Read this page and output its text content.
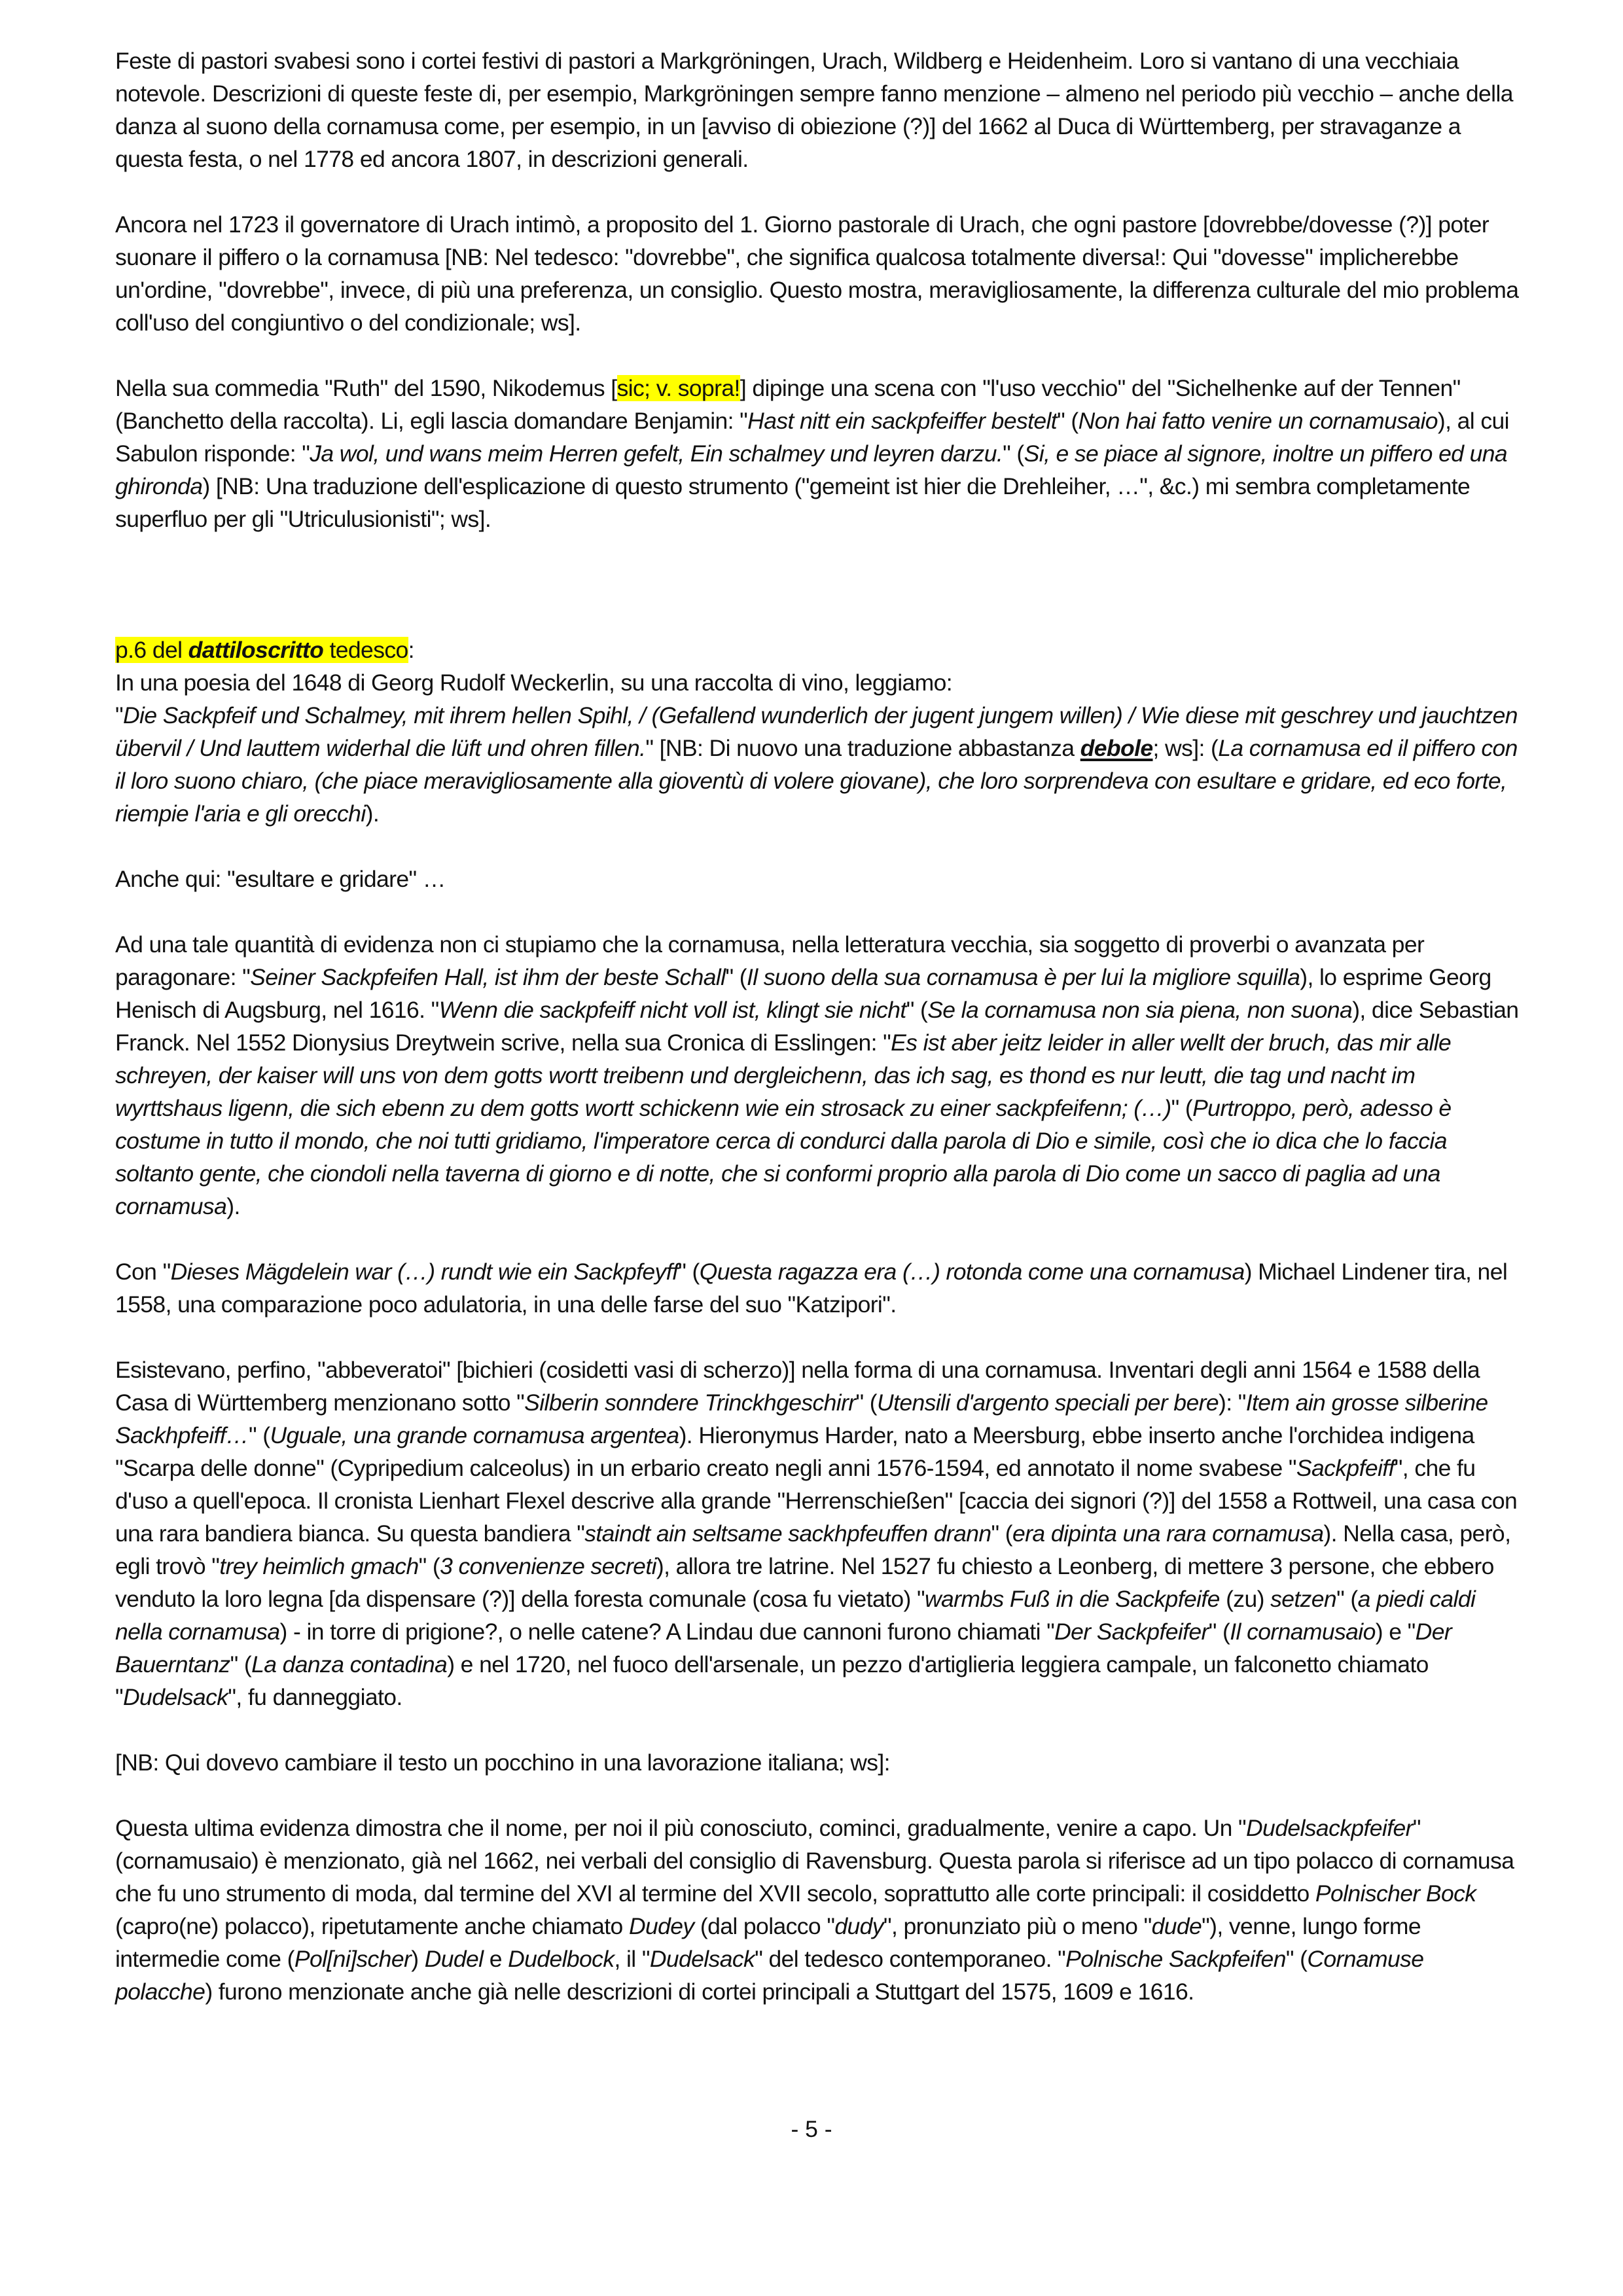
Feste di pastori svabesi sono i cortei festivi di pastori a Markgröningen, Urach, Wildberg e Heidenheim. Loro si vantano di una vecchiaia notevole. Descrizioni di queste feste di, per esempio, Markgröningen sempre fanno menzione – almeno nel periodo più vecchio – anche della danza al suono della cornamusa come, per esempio, in un [avviso di obiezione (?)] del 1662 al Duca di Württemberg, per stravaganze a questa festa, o nel 1778 ed ancora 1807, in descrizioni generali.

Ancora nel 1723 il governatore di Urach intimò, a proposito del 1. Giorno pastorale di Urach, che ogni pastore [dovrebbe/dovesse (?)] poter suonare il piffero o la cornamusa [NB: Nel tedesco: "dovrebbe", che significa qualcosa totalmente diversa!: Qui "dovesse" implicherebbe un'ordine, "dovrebbe", invece, di più una preferenza, un consiglio. Questo mostra, meravigliosamente, la differenza culturale del mio problema coll'uso del congiuntivo o del condizionale; ws].

Nella sua commedia "Ruth" del 1590, Nikodemus [sic; v. sopra!] dipinge una scena con "l'uso vecchio" del "Sichelhenke auf der Tennen" (Banchetto della raccolta). Li, egli lascia domandare Benjamin: "Hast nitt ein sackpfeiffer bestelt" (Non hai fatto venire un cornamusaio), al cui Sabulon risponde: "Ja wol, und wans meim Herren gefelt, Ein schalmey und leyren darzu." (Si, e se piace al signore, inoltre un piffero ed una ghironda) [NB: Una traduzione dell'esplicazione di questo strumento ("gemeint ist hier die Drehleiher, …", &c.) mi sembra completamente superfluo per gli "Utriculusionisti"; ws].

p.6 del dattiloscritto tedesco:
In una poesia del 1648 di Georg Rudolf Weckerlin, su una raccolta di vino, leggiamo:
"Die Sackpfeif und Schalmey, mit ihrem hellen Spihl, / (Gefallend wunderlich der jugent jungem willen) / Wie diese mit geschrey und jauchtzen übervil / Und lauttem widerhal die lüft und ohren fillen." [NB: Di nuovo una traduzione abbastanza debole; ws]: (La cornamusa ed il piffero con il loro suono chiaro, (che piace meravigliosamente alla gioventù di volere giovane), che loro sorprendeva con esultare e gridare, ed eco forte, riempie l'aria e gli orecchi).

Anche qui: "esultare e gridare" …

Ad una tale quantità di evidenza non ci stupiamo che la cornamusa, nella letteratura vecchia, sia soggetto di proverbi o avanzata per paragonare: "Seiner Sackpfeifen Hall, ist ihm der beste Schall" (Il suono della sua cornamusa è per lui la migliore squilla), lo esprime Georg Henisch di Augsburg, nel 1616. "Wenn die sackpfeiff nicht voll ist, klingt sie nicht" (Se la cornamusa non sia piena, non suona), dice Sebastian Franck. Nel 1552 Dionysius Dreytwein scrive, nella sua Cronica di Esslingen: "Es ist aber jeitz leider in aller wellt der bruch, das mir alle schreyen, der kaiser will uns von dem gotts wortt treibenn und dergleichenn, das ich sag, es thond es nur leutt, die tag und nacht im wyrttshaus ligenn, die sich ebenn zu dem gotts wortt schickenn wie ein strosack zu einer sackpfeifenn; (…)" (Purtroppo, però, adesso è costume in tutto il mondo, che noi tutti gridiamo, l'imperatore cerca di condurci dalla parola di Dio e simile, così che io dica che lo faccia soltanto gente, che ciondoli nella taverna di giorno e di notte, che si conformi proprio alla parola di Dio come un sacco di paglia ad una cornamusa).

Con "Dieses Mägdelein war (…) rundt wie ein Sackpfeyff" (Questa ragazza era (…) rotonda come una cornamusa) Michael Lindener tira, nel 1558, una comparazione poco adulatoria, in una delle farse del suo "Katzipori".

Esistevano, perfino, "abbeveratoi" [bichieri (cosidetti vasi di scherzo)] nella forma di una cornamusa. Inventari degli anni 1564 e 1588 della Casa di Württemberg menzionano sotto "Silberin sonndere Trinckhgeschirr" (Utensili d'argento speciali per bere): "Item ain grosse silberine Sackhpfeiff…" (Uguale, una grande cornamusa argentea). Hieronymus Harder, nato a Meersburg, ebbe inserto anche l'orchidea indigena "Scarpa delle donne" (Cypripedium calceolus) in un erbario creato negli anni 1576-1594, ed annotato il nome svabese "Sackpfeiff", che fu d'uso a quell'epoca. Il cronista Lienhart Flexel descrive alla grande "Herrenschießen" [caccia dei signori (?)] del 1558 a Rottweil, una casa con una rara bandiera bianca. Su questa bandiera "staindt ain seltsame sackhpfeuffen drann" (era dipinta una rara cornamusa). Nella casa, però, egli trovò "trey heimlich gmach" (3 convenienze secreti), allora tre latrine. Nel 1527 fu chiesto a Leonberg, di mettere 3 persone, che ebbero venduto la loro legna [da dispensare (?)] della foresta comunale (cosa fu vietato) "warmbs Fuß in die Sackpfeife (zu) setzen" (a piedi caldi nella cornamusa) - in torre di prigione?, o nelle catene? A Lindau due cannoni furono chiamati "Der Sackpfeifer" (Il cornamusaio) e "Der Bauerntanz" (La danza contadina) e nel 1720, nel fuoco dell'arsenale, un pezzo d'artiglieria leggiera campale, un falconetto chiamato "Dudelsack", fu danneggiato.

[NB: Qui dovevo cambiare il testo un pocchino in una lavorazione italiana; ws]:

Questa ultima evidenza dimostra che il nome, per noi il più conosciuto, cominci, gradualmente, venire a capo. Un "Dudelsackpfeifer" (cornamusaio) è menzionato, già nel 1662, nei verbali del consiglio di Ravensburg. Questa parola si riferisce ad un tipo polacco di cornamusa che fu uno strumento di moda, dal termine del XVI al termine del XVII secolo, soprattutto alle corte principali: il cosiddetto Polnischer Bock (capro(ne) polacco), ripetutamente anche chiamato Dudey (dal polacco "dudy", pronunziato più o meno "dude"), venne, lungo forme intermedie come (Pol[ni]scher) Dudel e Dudelbock, il "Dudelsack" del tedesco contemporaneo. "Polnische Sackpfeifen" (Cornamuse polacche) furono menzionate anche già nelle descrizioni di cortei principali a Stuttgart del 1575, 1609 e 1616.

- 5 -
